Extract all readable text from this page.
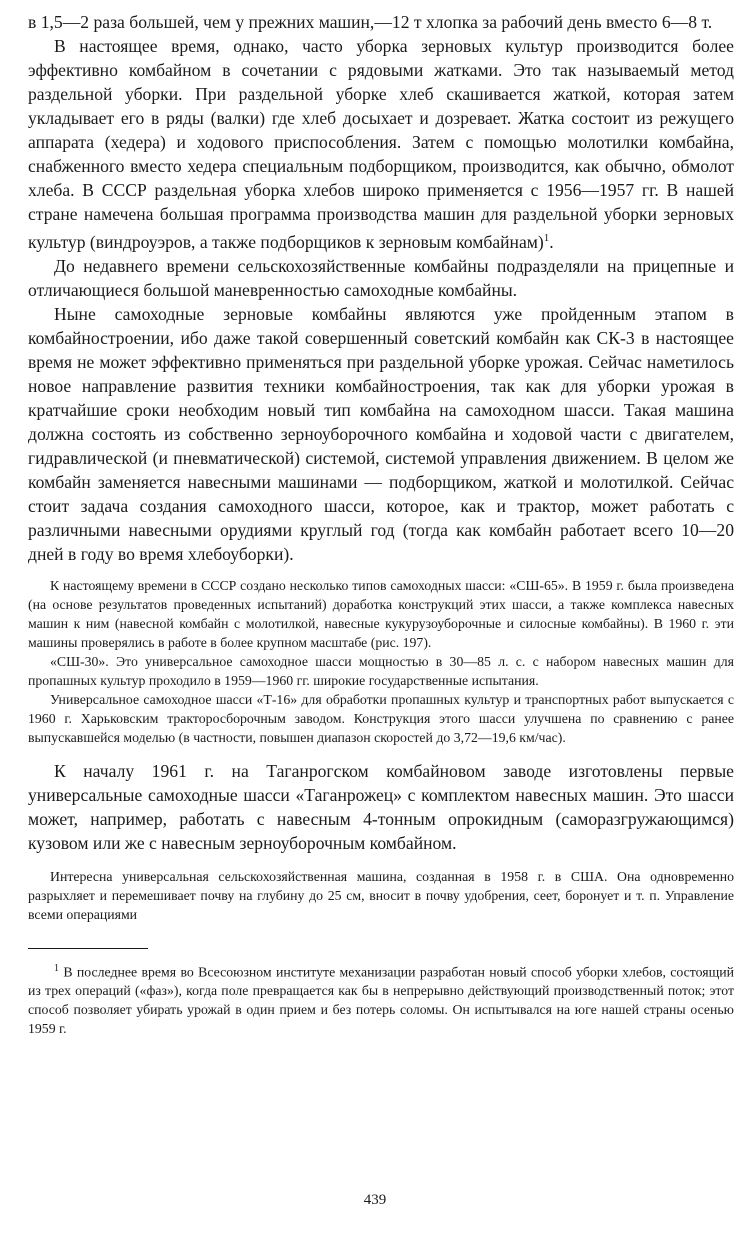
в 1,5—2 раза большей, чем у прежних машин,—12 т хлопка за рабочий день вместо 6—8 т.

В настоящее время, однако, часто уборка зерновых культур производится более эффективно комбайном в сочетании с рядовыми жатками. Это так называемый метод раздельной уборки. При раздельной уборке хлеб скашивается жаткой, которая затем укладывает его в ряды (валки) где хлеб досыхает и дозревает. Жатка состоит из режущего аппарата (хедера) и ходового приспособления. Затем с помощью молотилки комбайна, снабженного вместо хедера специальным подборщиком, производится, как обычно, обмолот хлеба. В СССР раздельная уборка хлебов широко применяется с 1956—1957 гг. В нашей стране намечена большая программа производства машин для раздельной уборки зерновых культур (виндроуэров, а также подборщиков к зерновым комбайнам)$^1$.

До недавнего времени сельскохозяйственные комбайны подразделяли на прицепные и отличающиеся большой маневренностью самоходные комбайны.

Ныне самоходные зерновые комбайны являются уже пройденным этапом в комбайностроении, ибо даже такой совершенный советский комбайн как СК-3 в настоящее время не может эффективно применяться при раздельной уборке урожая. Сейчас наметилось новое направление развития техники комбайностроения, так как для уборки урожая в кратчайшие сроки необходим новый тип комбайна на самоходном шасси. Такая машина должна состоять из собственно зерноуборочного комбайна и ходовой части с двигателем, гидравлической (и пневматической) системой, системой управления движением. В целом же комбайн заменяется навесными машинами — подборщиком, жаткой и молотилкой. Сейчас стоит задача создания самоходного шасси, которое, как и трактор, может работать с различными навесными орудиями круглый год (тогда как комбайн работает всего 10—20 дней в году во время хлебоуборки).

К настоящему времени в СССР создано несколько типов самоходных шасси: «СШ-65». В 1959 г. была произведена (на основе результатов проведенных испытаний) доработка конструкций этих шасси, а также комплекса навесных машин к ним (навесной комбайн с молотилкой, навесные кукурузоуборочные и силосные комбайны). В 1960 г. эти машины проверялись в работе в более крупном масштабе (рис. 197).

«СШ-30». Это универсальное самоходное шасси мощностью в 30—85 л. с. с набором навесных машин для пропашных культур проходило в 1959—1960 гг. широкие государственные испытания.

Универсальное самоходное шасси «Т-16» для обработки пропашных культур и транспортных работ выпускается с 1960 г. Харьковским тракторосборочным заводом. Конструкция этого шасси улучшена по сравнению с ранее выпускавшейся моделью (в частности, повышен диапазон скоростей до 3,72—19,6 км/час).

К началу 1961 г. на Таганрогском комбайновом заводе изготовлены первые универсальные самоходные шасси «Таганрожец» с комплектом навесных машин. Это шасси может, например, работать с навесным 4-тонным опрокидным (саморазгружающимся) кузовом или же с навесным зерноуборочным комбайном.

Интересна универсальная сельскохозяйственная машина, созданная в 1958 г. в США. Она одновременно разрыхляет и перемешивает почву на глубину до 25 см, вносит в почву удобрения, сеет, боронует и т. п. Управление всеми операциями

$^1$ В последнее время во Всесоюзном институте механизации разработан новый способ уборки хлебов, состоящий из трех операций («фаз»), когда поле превращается как бы в непрерывно действующий производственный поток; этот способ позволяет убирать урожай в один прием и без потерь соломы. Он испытывался на юге нашей страны осенью 1959 г.

439
